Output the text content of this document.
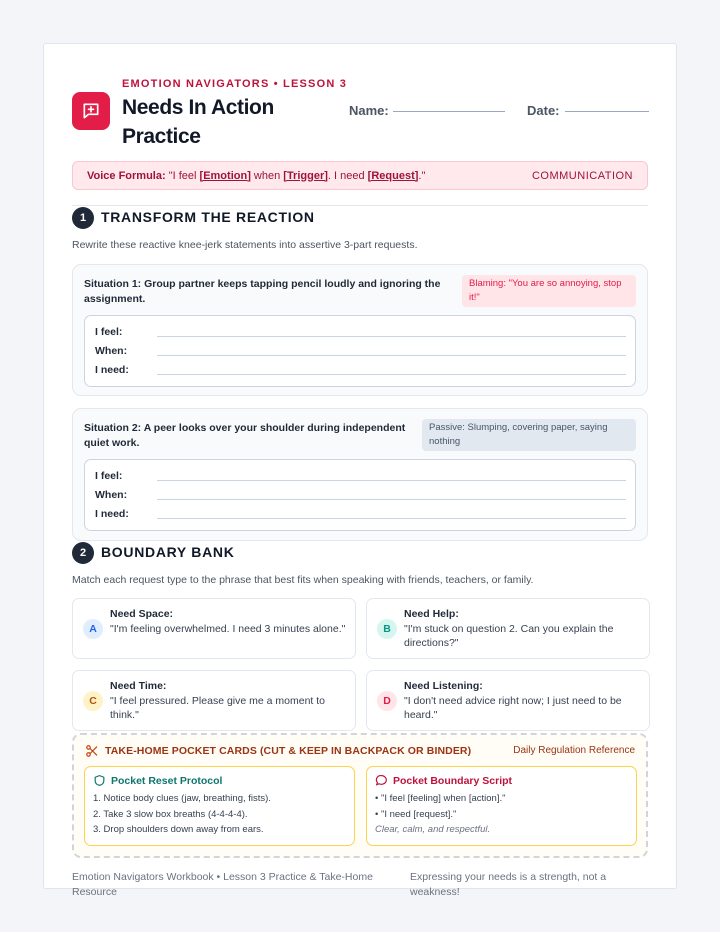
EMOTION NAVIGATORS • LESSON 3
Needs In Action Practice
Name:	Date:
Voice Formula: "I feel [Emotion] when [Trigger]. I need [Request]."	COMMUNICATION
1	TRANSFORM THE REACTION
Rewrite these reactive knee-jerk statements into assertive 3-part requests.
Situation 1: Group partner keeps tapping pencil loudly and ignoring the assignment.
Blaming: "You are so annoying, stop it!"
I feel:
When:
I need:
Situation 2: A peer looks over your shoulder during independent quiet work.
Passive: Slumping, covering paper, saying nothing
I feel:
When:
I need:
2	BOUNDARY BANK
Match each request type to the phrase that best fits when speaking with friends, teachers, or family.
A
Need Space:
"I'm feeling overwhelmed. I need 3 minutes alone."	B
Need Help:
"I'm stuck on question 2. Can you explain the directions?"
C
Need Time:
"I feel pressured. Please give me a moment to think."
D
Need Listening:
"I don't need advice right now; I just need to be heard."
TAKE-HOME POCKET CARDS (CUT & KEEP IN BACKPACK OR BINDER)	Daily Regulation Reference
Pocket Reset Protocol
1. Notice body clues (jaw, breathing, fists).
2. Take 3 slow box breaths (4-4-4-4).
3. Drop shoulders down away from ears.
Pocket Boundary Script
• "I feel [feeling] when [action]."
• "I need [request]."
Clear, calm, and respectful.
Emotion Navigators Workbook • Lesson 3 Practice & Take-Home Resource
Expressing your needs is a strength, not a weakness!
